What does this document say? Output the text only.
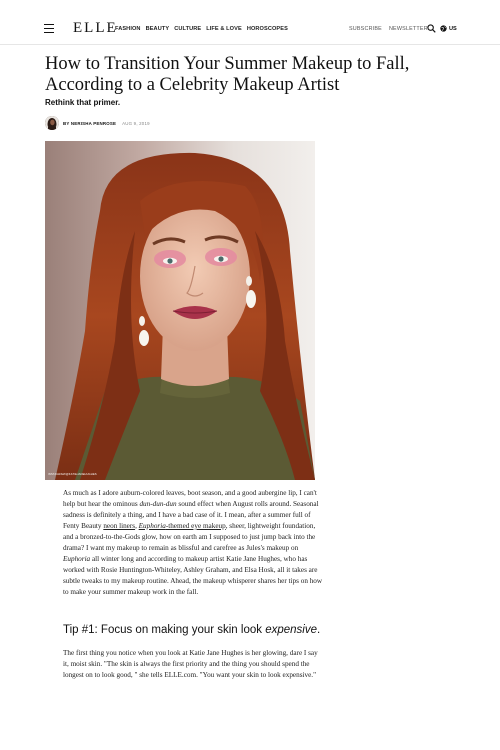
ELLE
FASHION BEAUTY CULTURE LIFE & LOVE HOROSCOPES	SUBSCRIBE NEWSLETTER	US
How to Transition Your Summer Makeup to Fall, According to a Celebrity Makeup Artist

Rethink that primer.

BY NERISHA PENROSE AUG 9, 2019
INSTAGRAM/@KATIEJANEHUGHES

As much as I adore auburn-colored leaves, boot season, and a good aubergine lip, I can't help but hear the ominous dun-dun-dun sound effect when August rolls around. Seasonal sadness is definitely a thing, and I have a bad case of it. I mean, after a summer full of Fenty Beauty neon liners, Euphoria-themed eye makeup, sheer, lightweight foundation, and a bronzed-to-the-Gods glow, how on earth am I supposed to just jump back into the drama? I want my makeup to remain as blissful and carefree as Jules's makeup on Euphoria all winter long and according to makeup artist Katie Jane Hughes, who has worked with Rosie Huntington-Whiteley, Ashley Graham, and Elsa Hosk, all it takes are subtle tweaks to my makeup routine. Ahead, the makeup whisperer shares her tips on how to make your summer makeup work in the fall.

Tip #1: Focus on making your skin look expensive.

The first thing you notice when you look at Katie Jane Hughes is her glowing, dare I say it, moist skin. "The skin is always the first priority and the thing you should spend the longest on to look good, " she tells ELLE.com. "You want your skin to look expensive."
